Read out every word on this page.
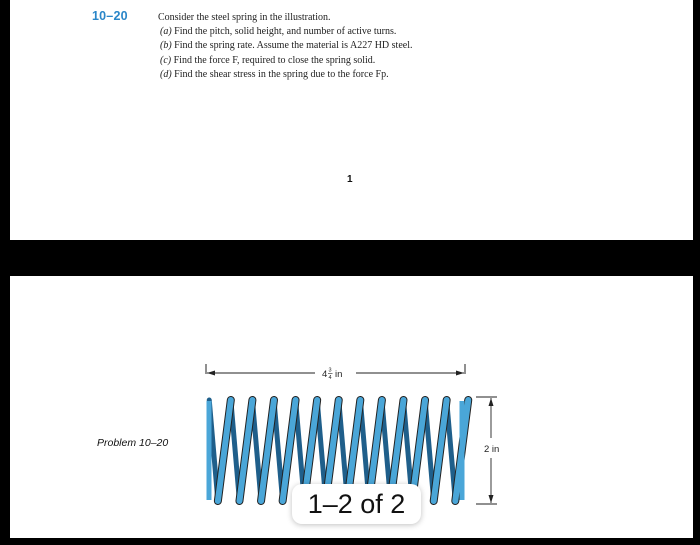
10–20	Consider the steel spring in the illustration.
(a) Find the pitch, solid height, and number of active turns.
(b) Find the spring rate. Assume the material is A227 HD steel.
(c) Find the force F, required to close the spring solid.
(d) Find the shear stress in the spring due to the force Fp.
1
Problem 10–20
4 3
4 in
2 in
1–2 of 2
